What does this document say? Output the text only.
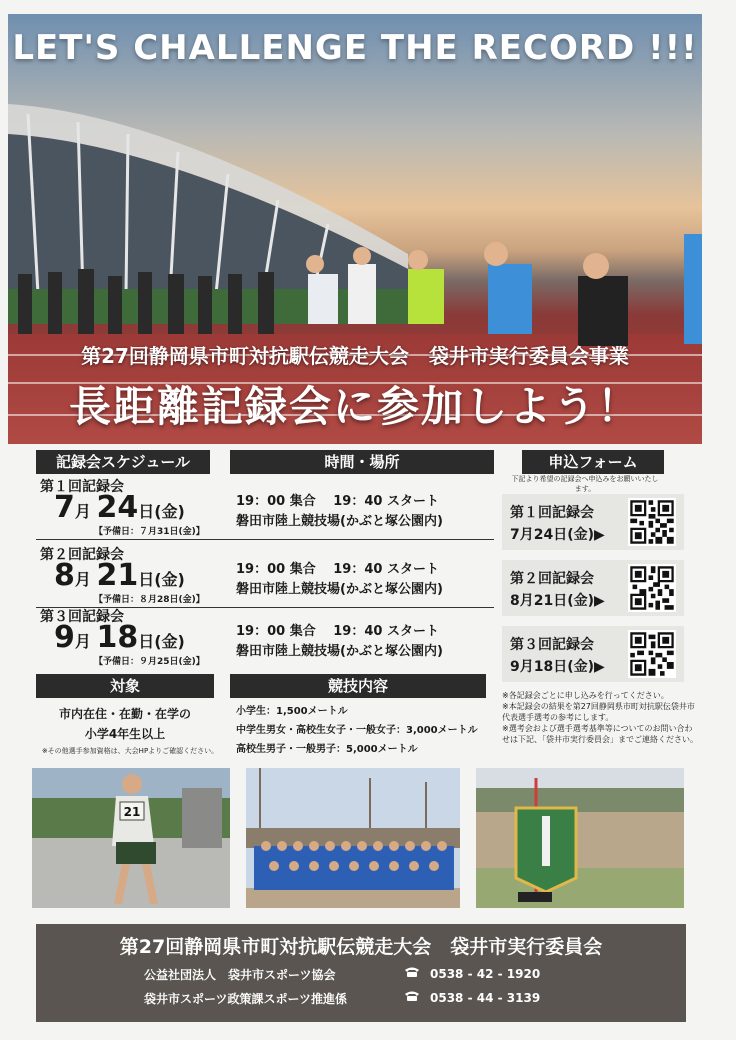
LET'S CHALLENGE THE RECORD !!!
第27回静岡県市町対抗駅伝競走大会　袋井市実行委員会事業
長距離記録会に参加しよう！
記録会スケジュール	時間・場所	申込フォーム
第１回記録会
7月 24日(金)
【予備日：７月31日(金)】
19：00 集合　 19：40 スタート
磐田市陸上競技場(かぶと塚公園内)
第２回記録会
8月 21日(金)
【予備日：８月28日(金)】
19：00 集合　 19：40 スタート
磐田市陸上競技場(かぶと塚公園内)
第３回記録会
9月 18日(金)
【予備日：９月25日(金)】
19：00 集合　 19：40 スタート
磐田市陸上競技場(かぶと塚公園内)
下記より希望の記録会へ申込みをお願いいたします。
第１回記録会
7月24日(金)▶
第２回記録会
8月21日(金)▶
第３回記録会
9月18日(金)▶
※各記録会ごとに申し込みを行ってください。
※本記録会の結果を第27回静岡県市町対抗駅伝袋井市代表選手選考の参考にします。
※選考会および選手選考基準等についてのお問い合わせは下記、「袋井市実行委員会」までご連絡ください。
対象	競技内容
市内在住・在勤・在学の
小学4年生以上
※その他選手参加資格は、大会HPよりご確認ください。
小学生：1,500メートル
中学生男女・高校生女子・一般女子：3,000メートル
高校生男子・一般男子：5,000メートル
21
第27回静岡県市町対抗駅伝競走大会　袋井市実行委員会
公益社団法人　袋井市スポーツ協会	0538 - 42 - 1920
袋井市スポーツ政策課スポーツ推進係	0538 - 44 - 3139
